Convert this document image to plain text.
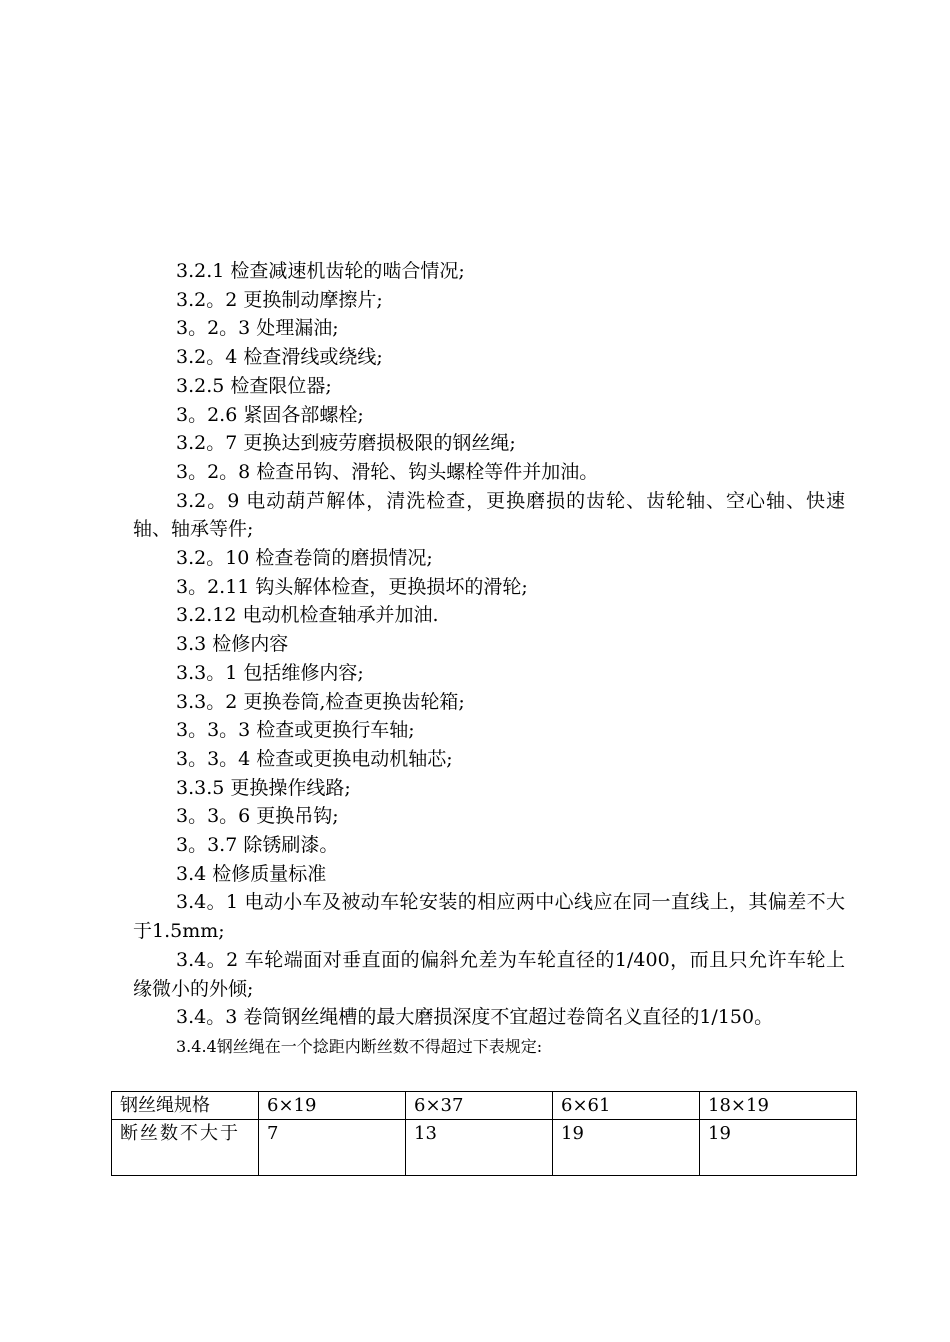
3.2.1 检查减速机齿轮的啮合情况;
3.2。2 更换制动摩擦片;
3。2。3 处理漏油;
3.2。4 检查滑线或绕线;
3.2.5 检查限位器;
3。2.6 紧固各部螺栓;
3.2。7 更换达到疲劳磨损极限的钢丝绳;
3。2。8 检查吊钩、滑轮、钩头螺栓等件并加油。
3.2。9 电动葫芦解体，清洗检查，更换磨损的齿轮、齿轮轴、空心轴、快速轴、轴承等件;
3.2。10 检查卷筒的磨损情况;
3。2.11 钩头解体检查，更换损坏的滑轮;
3.2.12 电动机检查轴承并加油.
3.3 检修内容
3.3。1 包括维修内容;
3.3。2 更换卷筒,检查更换齿轮箱;
3。3。3 检查或更换行车轴;
3。3。4 检查或更换电动机轴芯;
3.3.5 更换操作线路;
3。3。6 更换吊钩;
3。3.7 除锈刷漆。
3.4 检修质量标准
3.4。1 电动小车及被动车轮安装的相应两中心线应在同一直线上，其偏差不大于1.5mm;
3.4。2 车轮端面对垂直面的偏斜允差为车轮直径的1/400，而且只允许车轮上缘微小的外倾;
3.4。3 卷筒钢丝绳槽的最大磨损深度不宜超过卷筒名义直径的1/150。
3.4.4钢丝绳在一个捻距内断丝数不得超过下表规定:
钢丝绳规格	6×19	6×37	6×61	18×19
断丝数不大于	7	13	19	19
